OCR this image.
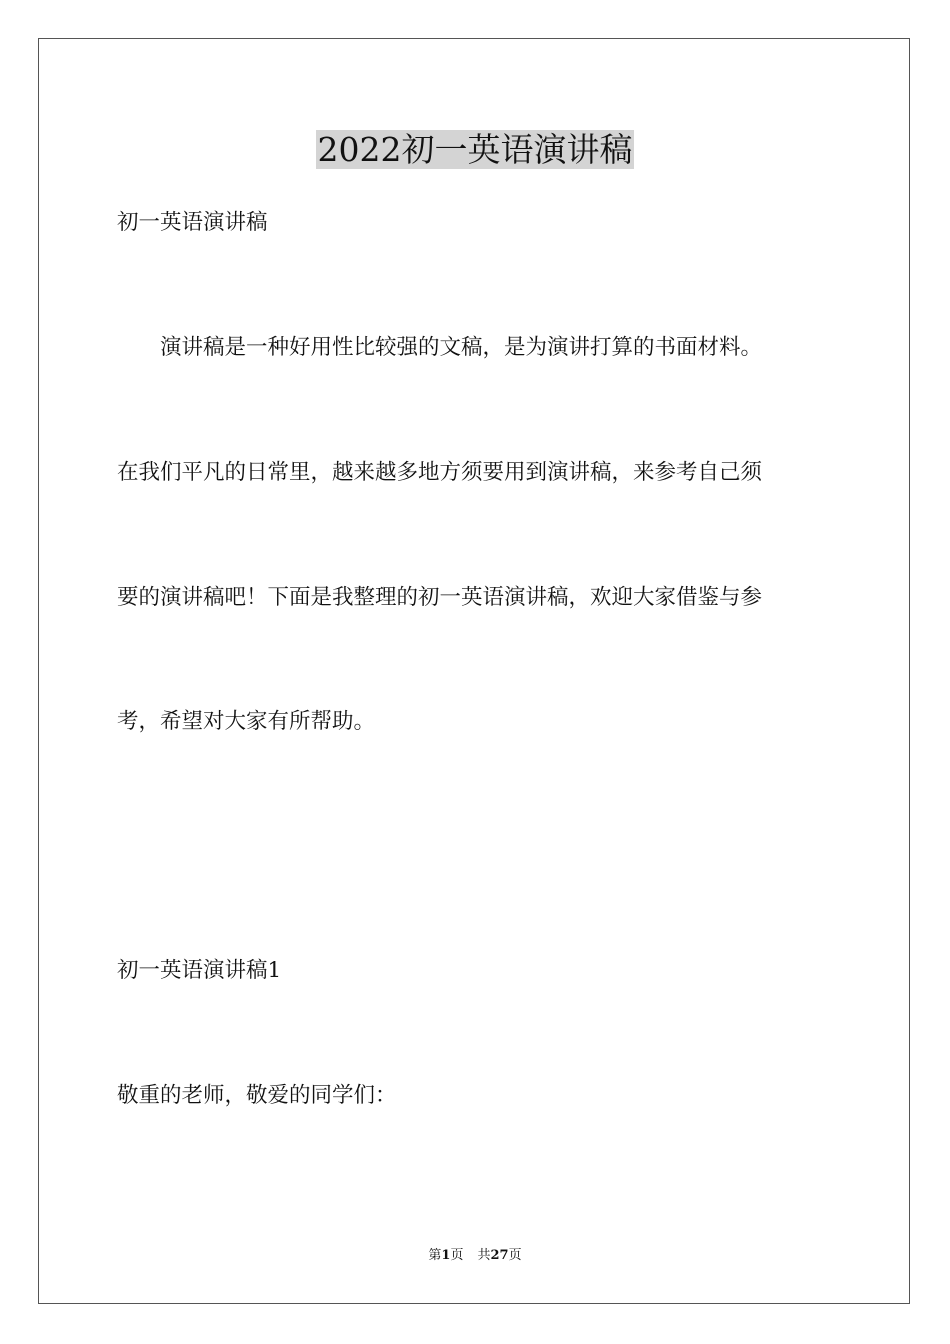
2022初一英语演讲稿
初一英语演讲稿
　　演讲稿是一种好用性比较强的文稿，是为演讲打算的书面材料。
在我们平凡的日常里，越来越多地方须要用到演讲稿，来参考自己须
要的演讲稿吧！下面是我整理的初一英语演讲稿，欢迎大家借鉴与参
考，希望对大家有所帮助。
初一英语演讲稿1
敬重的老师，敬爱的同学们：
第1页 共27页
